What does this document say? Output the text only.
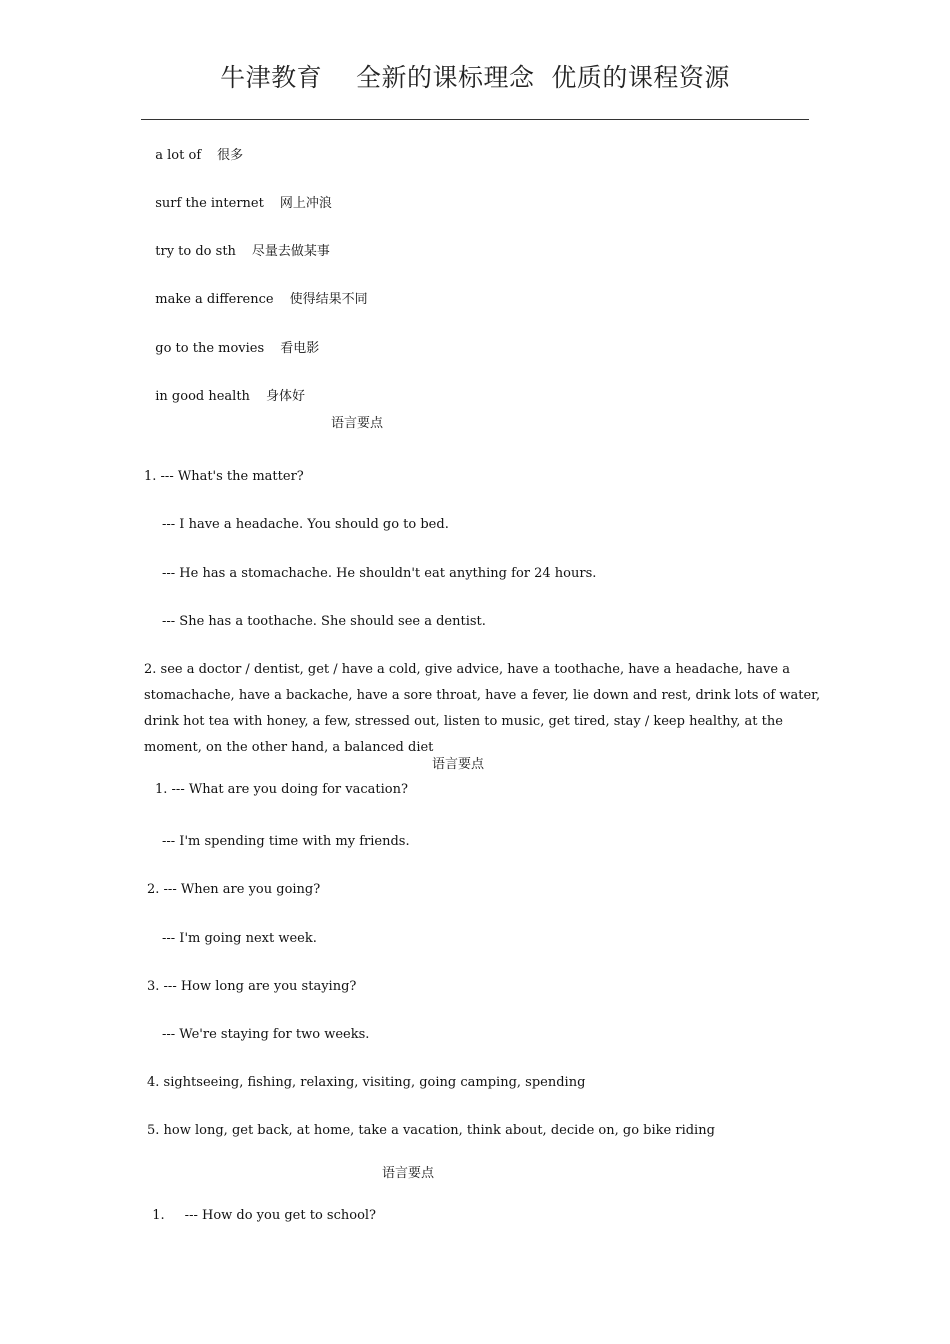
牛津教育    全新的课标理念  优质的课程资源

a lot of 很多

surf the internet 网上冲浪

try to do sth 尽量去做某事

make a difference 使得结果不同

go to the movies 看电影

in good health 身体好

语言要点
1. --- What's the matter?
--- I have a headache. You should go to bed.
--- He has a stomachache. He shouldn't eat anything for 24 hours.
--- She has a toothache. She should see a dentist.
2. see a doctor / dentist, get / have a cold, give advice, have a toothache, have a headache, have a stomachache, have a backache, have a sore throat, have a fever, lie down and rest, drink lots of water, drink hot tea with honey, a few, stressed out, listen to music, get tired, stay / keep healthy, at the moment, on the other hand, a balanced diet
语言要点
1. --- What are you doing for vacation?
--- I'm spending time with my friends.
2. --- When are you going?
--- I'm going next week.
3. --- How long are you staying?
--- We're staying for two weeks.
4. sightseeing, fishing, relaxing, visiting, going camping, spending
5. how long, get back, at home, take a vacation, think about, decide on, go bike riding
语言要点

1. --- How do you get to school?
